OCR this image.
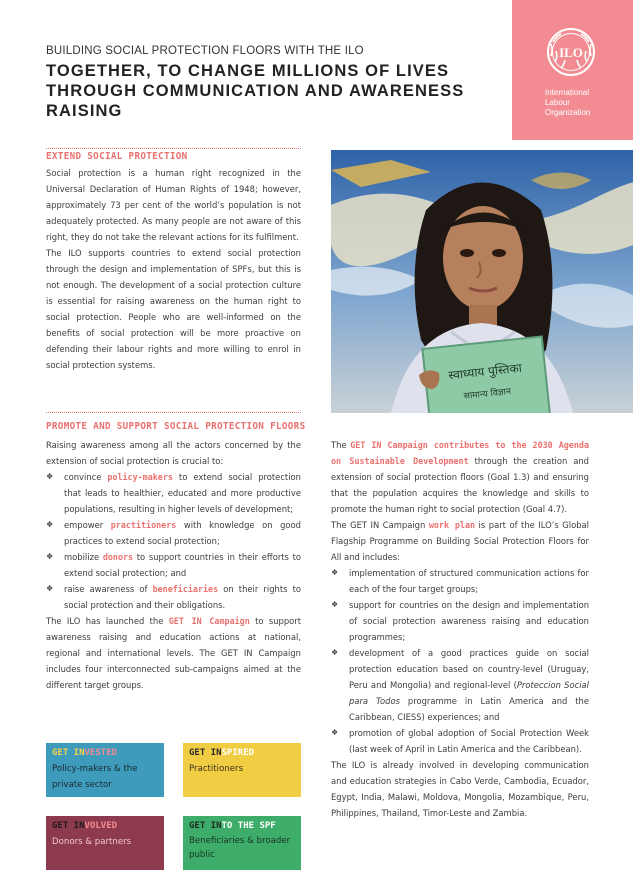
BUILDING SOCIAL PROTECTION FLOORS WITH THE ILO
TOGETHER, TO CHANGE MILLIONS OF LIVES
THROUGH COMMUNICATION AND AWARENESS RAISING
ILO
International
Labour
Organization
EXTEND SOCIAL PROTECTION

Social protection is a human right recognized in the Universal Declaration of Human Rights of 1948; however, approximately 73 per cent of the world’s population is not adequately protected. As many people are not aware of this right, they do not take the relevant actions for its fulfilment.

The ILO supports countries to extend social protection through the design and implementation of SPFs, but this is not enough. The development of a social protection culture is essential for raising awareness on the human right to social protection. People who are well-informed on the benefits of social protection will be more proactive on defending their labour rights and more willing to enrol in social protection systems.

PROMOTE AND SUPPORT SOCIAL PROTECTION FLOORS

Raising awareness among all the actors concerned by the extension of social protection is crucial to:

❖ convince policy-makers to extend social protection that leads to healthier, educated and more productive populations, resulting in higher levels of development;
❖ empower practitioners with knowledge on good practices to extend social protection;
❖ mobilize donors to support countries in their efforts to extend social protection; and
❖ raise awareness of beneficiaries on their rights to social protection and their obligations.

The ILO has launched the GET IN Campaign to support awareness raising and education actions at national, regional and international levels. The GET IN Campaign includes four interconnected sub-campaigns aimed at the different target groups.

GET INVESTED
Policy-makers & the private sector
GET INSPIRED
Practitioners
GET INVOLVED
Donors & partners
GET INTO THE SPF
Beneficiaries & broader public
स्वाध्याय पुस्तिका
सामान्य विज्ञान

The GET IN Campaign contributes to the 2030 Agenda on Sustainable Development through the creation and extension of social protection floors (Goal 1.3) and ensuring that the population acquires the knowledge and skills to promote the human right to social protection (Goal 4.7).

The GET IN Campaign work plan is part of the ILO’s Global Flagship Programme on Building Social Protection Floors for All and includes:

❖ implementation of structured communication actions for each of the four target groups;
❖ support for countries on the design and implementation of social protection awareness raising and education programmes;
❖ development of a good practices guide on social protection education based on country-level (Uruguay, Peru and Mongolia) and regional-level (Proteccion Social para Todos programme in Latin America and the Caribbean, CIESS) experiences; and
❖ promotion of global adoption of Social Protection Week (last week of April in Latin America and the Caribbean).

The ILO is already involved in developing communication and education strategies in Cabo Verde, Cambodia, Ecuador, Egypt, India, Malawi, Moldova, Mongolia, Mozambique, Peru, Philippines, Thailand, Timor-Leste and Zambia.
